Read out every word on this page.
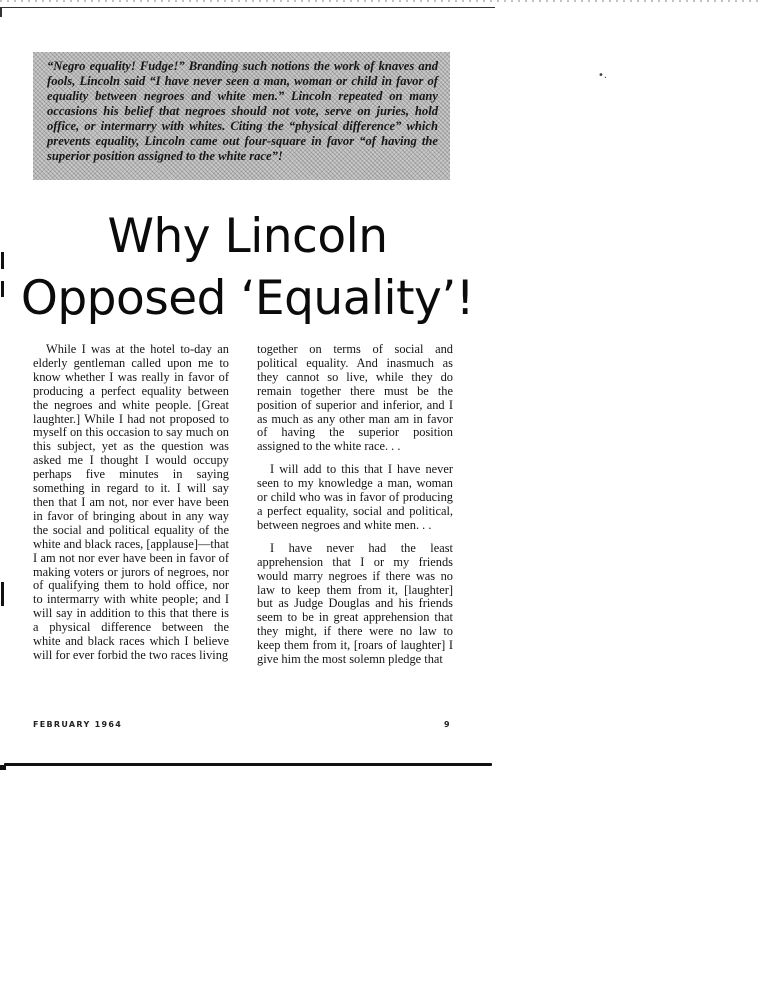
•.

“Negro equality! Fudge!” Branding such notions the work of knaves and fools, Lincoln said “I have never seen a man, woman or child in favor of equality between negroes and white men.” Lincoln repeated on many occasions his belief that negroes should not vote, serve on juries, hold office, or intermarry with whites. Citing the “physical difference” which prevents equality, Lincoln came out four-square in favor “of having the superior position assigned to the white race”!

Why Lincoln
Opposed ‘Equality’!

While I was at the hotel to-day an elderly gentleman called upon me to know whether I was really in favor of producing a perfect equality between the negroes and white people. [Great laughter.] While I had not proposed to myself on this occasion to say much on this subject, yet as the question was asked me I thought I would occupy perhaps five minutes in saying something in regard to it. I will say then that I am not, nor ever have been in favor of bringing about in any way the social and political equality of the white and black races, [applause]—that I am not nor ever have been in favor of making voters or jurors of negroes, nor of qualifying them to hold office, nor to intermarry with white people; and I will say in addition to this that there is a physical difference between the white and black races which I believe will for ever forbid the two races living

together on terms of social and political equality. And inasmuch as they cannot so live, while they do remain together there must be the position of superior and inferior, and I as much as any other man am in favor of having the superior position assigned to the white race. . .

I will add to this that I have never seen to my knowledge a man, woman or child who was in favor of producing a perfect equality, social and political, between negroes and white men. . .

I have never had the least apprehension that I or my friends would marry negroes if there was no law to keep them from it, [laughter] but as Judge Douglas and his friends seem to be in great apprehension that they might, if there were no law to keep them from it, [roars of laughter] I give him the most solemn pledge that

FEBRUARY 1964	9
